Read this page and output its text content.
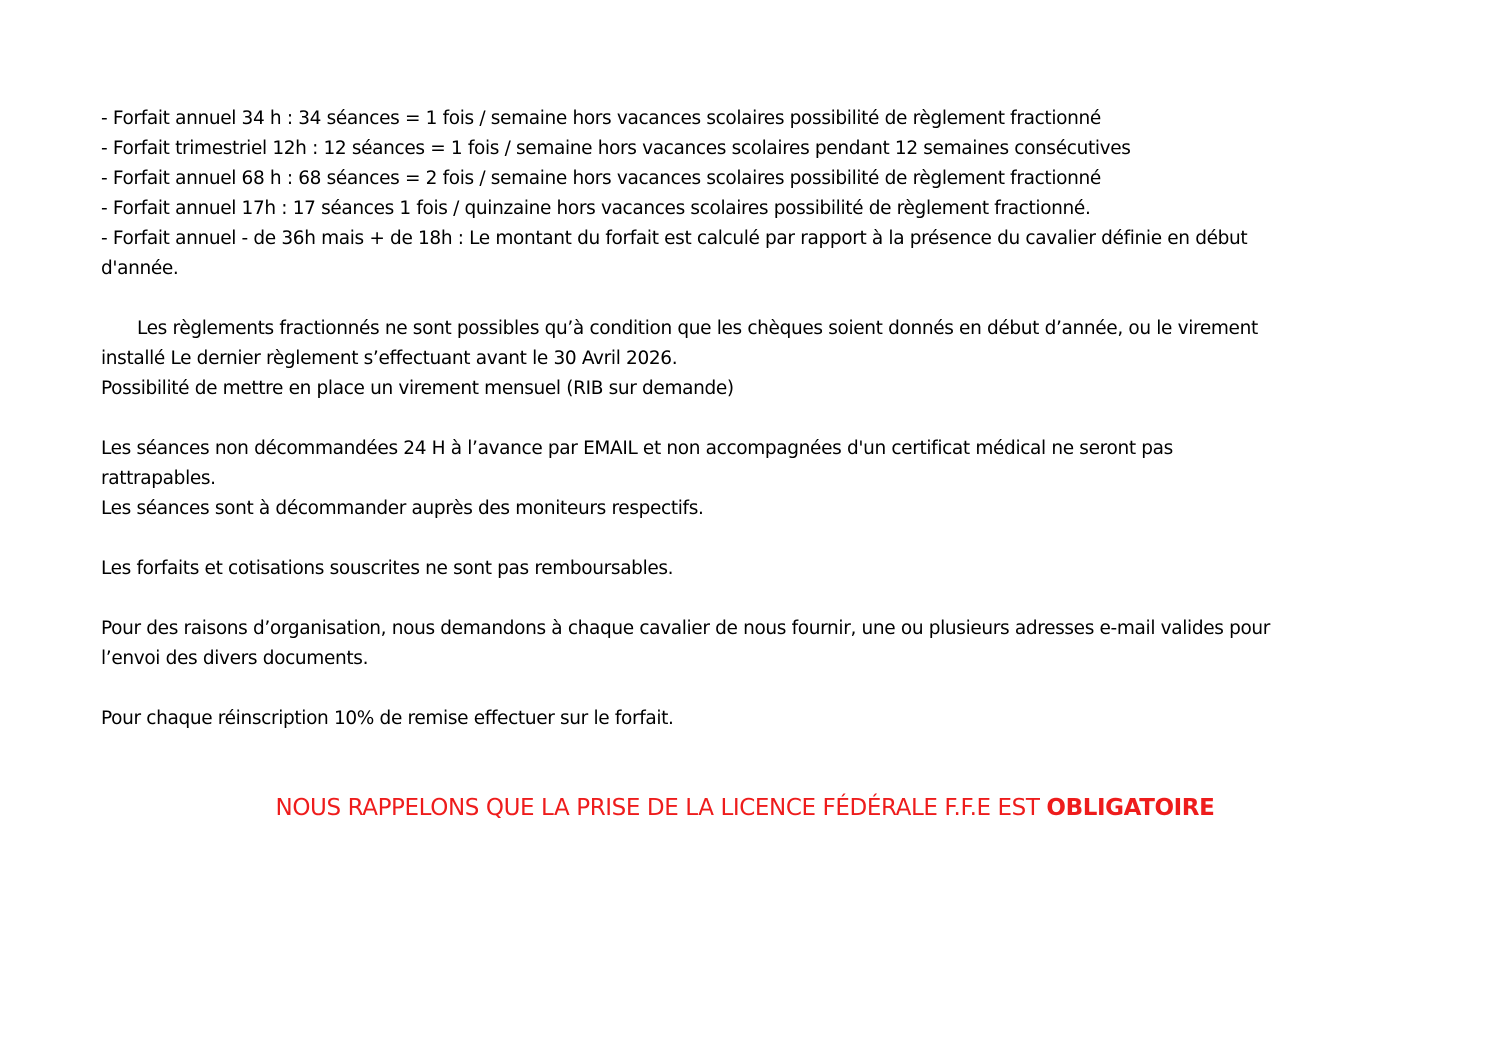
- Forfait annuel 34 h : 34 séances = 1 fois / semaine hors vacances scolaires possibilité de règlement fractionné
- Forfait trimestriel 12h : 12 séances = 1 fois / semaine hors vacances scolaires pendant 12 semaines consécutives
- Forfait annuel 68 h : 68 séances = 2 fois / semaine hors vacances scolaires possibilité de règlement fractionné
- Forfait annuel 17h : 17 séances 1 fois / quinzaine hors vacances scolaires possibilité de règlement fractionné.
- Forfait annuel - de 36h mais + de 18h : Le montant du forfait est calculé par rapport à la présence du cavalier définie en début
d'année.
Les règlements fractionnés ne sont possibles qu’à condition que les chèques soient donnés en début d’année, ou le virement
installé Le dernier règlement s’effectuant avant le 30 Avril 2026.
Possibilité de mettre en place un virement mensuel (RIB sur demande)
Les séances non décommandées 24 H à l’avance par EMAIL et non accompagnées d'un certificat médical ne seront pas
rattrapables.
Les séances sont à décommander auprès des moniteurs respectifs.
Les forfaits et cotisations souscrites ne sont pas remboursables.
Pour des raisons d’organisation, nous demandons à chaque cavalier de nous fournir, une ou plusieurs adresses e-mail valides pour
l’envoi des divers documents.
Pour chaque réinscription 10% de remise effectuer sur le forfait.
NOUS RAPPELONS QUE LA PRISE DE LA LICENCE FÉDÉRALE F.F.E EST OBLIGATOIRE
